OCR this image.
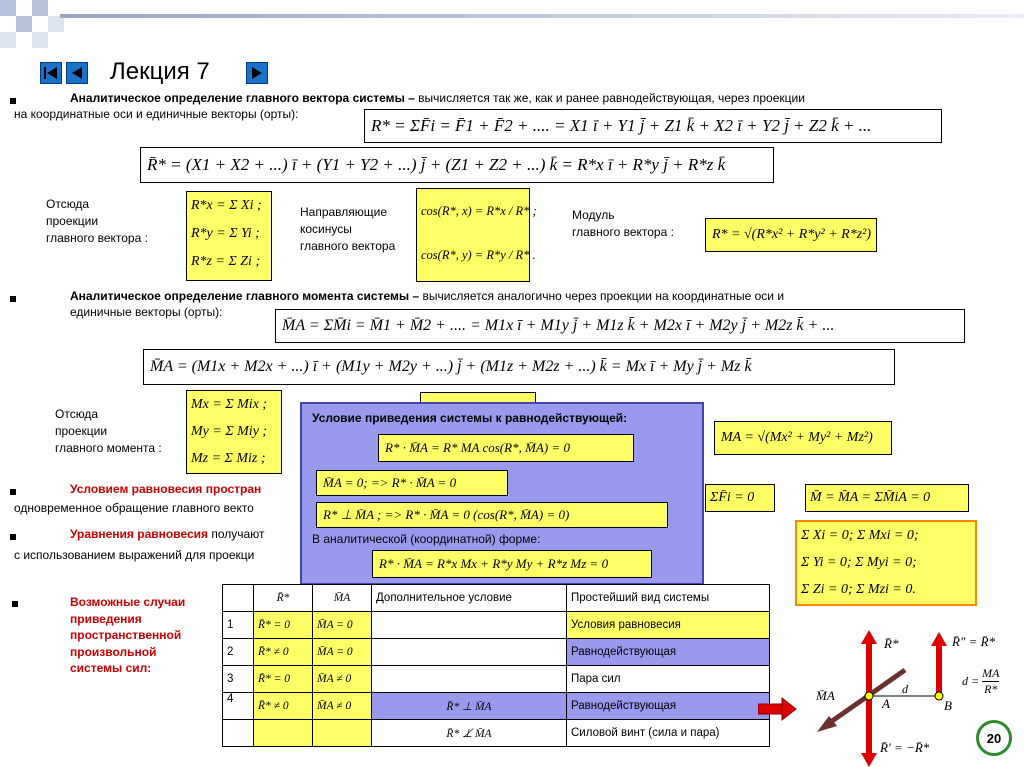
Лекция 7
Аналитическое определение главного вектора системы – вычисляется так же, как и ранее равнодействующая, через проекции
на координатные оси и единичные векторы (орты):
R* = ΣF̄i = F̄1 + F̄2 + .... = X1 ī + Y1 j̄ + Z1 k̄ + X2 ī + Y2 j̄ + Z2 k̄ + ...
R̄* = (X1 + X2 + ...) ī + (Y1 + Y2 + ...) j̄ + (Z1 + Z2 + ...) k̄ = R*x ī + R*y j̄ + R*z k̄
Отсюда
проекции
главного вектора :
R*x = Σ Xi ;
R*y = Σ Yi ;
R*z = Σ Zi ;
Направляющие
косинусы
главного вектора
cos(R*, x) = R*x / R* ;
cos(R*, y) = R*y / R* .
Модуль
главного вектора :	R* = √(R*x² + R*y² + R*z²)
Аналитическое определение главного момента системы – вычисляется аналогично через проекции на координатные оси и
единичные векторы (орты):
M̄A = ΣM̄i = M̄1 + M̄2 + .... = M1x ī + M1y j̄ + M1z k̄ + M2x ī + M2y j̄ + M2z k̄ + ...
M̄A = (M1x + M2x + ...) ī + (M1y + M2y + ...) j̄ + (M1z + M2z + ...) k̄ = Mx ī + My j̄ + Mz k̄
Отсюда
проекции
главного момента :
Mx = Σ Mix ;
My = Σ Miy ;
Mz = Σ Miz ;
MA = √(Mx² + My² + Mz²)
Условием равновесия простран
одновременное обращение главного векто
Уравнения равновесия получают
с использованием выражений для проекци
ΣF̄i = 0	M̄ = M̄A = ΣM̄iA = 0
Σ Xi = 0; Σ Mxi = 0;
Σ Yi = 0; Σ Myi = 0;
Σ Zi = 0; Σ Mzi = 0.
Условие приведения системы к равнодействующей:
R* · M̄A = R* MA cos(R*, M̄A) = 0
M̄A = 0; => R* · M̄A = 0
R* ⊥ M̄A ; => R* · M̄A = 0 (cos(R*, M̄A) = 0)
В аналитической (координатной) форме:
R* · M̄A = R*x Mx + R*y My + R*z Mz = 0
Возможные случаи
приведения
пространственной
произвольной
системы сил:
	R̄*	M̄A	Дополнительное условие	Простейший вид системы
1	R̄* = 0	M̄A = 0		Условия равновесия
2	R̄* ≠ 0	M̄A = 0		Равнодействующая
3	R̄* = 0	M̄A ≠ 0		Пара сил
4	R̄* ≠ 0	M̄A ≠ 0	R̄* ⊥ M̄A	Равнодействующая
			R̄* ⊥̸ M̄A	Силовой винт (сила и пара)
R̄*	R̄″ = R̄*
M̄A	d
A	B
$d = \frac{MA}{R*}$
R̄′ = −R̄*
20
